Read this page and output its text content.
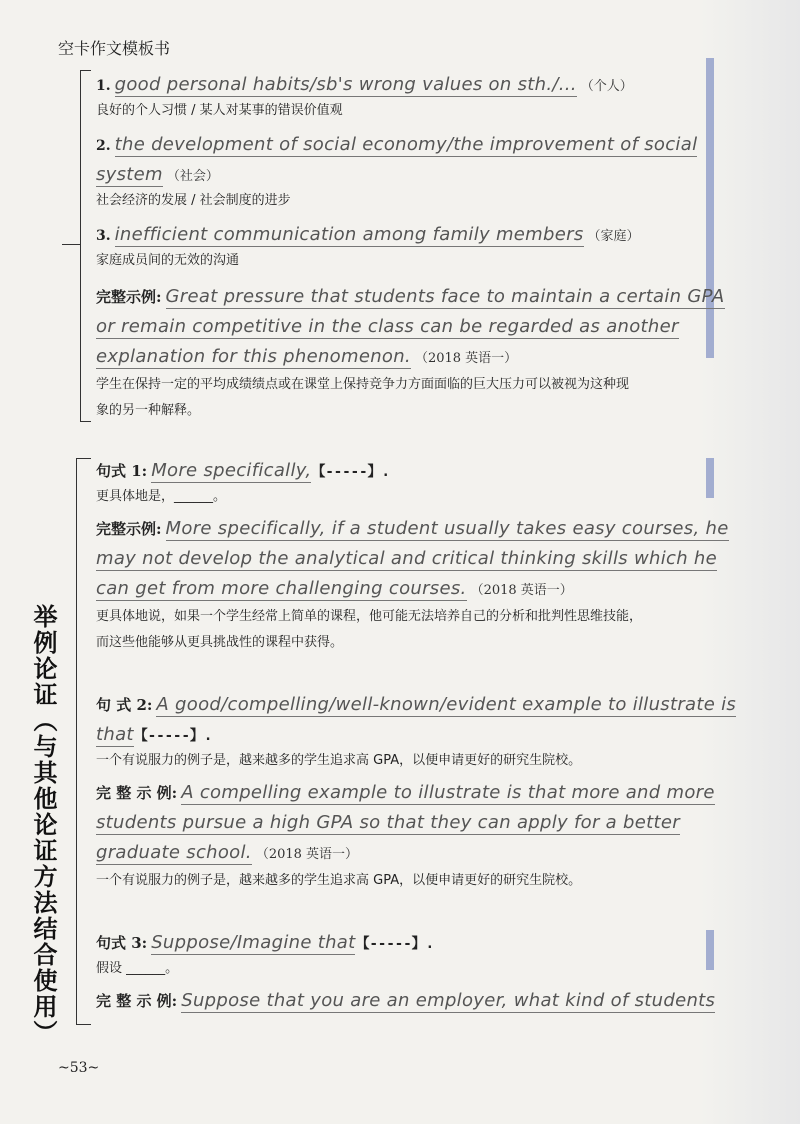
空卡作文模板书
1. good personal habits/sb's wrong values on sth./... （个人）
良好的个人习惯 / 某人对某事的错误价值观
2. the development of social economy/the improvement of social
system （社会）
社会经济的发展 / 社会制度的进步
3. inefficient communication among family members （家庭）
家庭成员间的无效的沟通
完整示例: Great pressure that students face to maintain a certain GPA
or remain competitive in the class can be regarded as another
explanation for this phenomenon. （2018 英语一）
学生在保持一定的平均成绩绩点或在课堂上保持竞争力方面面临的巨大压力可以被视为这种现
象的另一种解释。
举例论证（与其他论证方法结合使用）
句式 1: More specifically,【-----】.
更具体地是，______。
完整示例: More specifically, if a student usually takes easy courses, he
may not develop the analytical and critical thinking skills which he
can get from more challenging courses. （2018 英语一）
更具体地说，如果一个学生经常上简单的课程，他可能无法培养自己的分析和批判性思维技能，
而这些他能够从更具挑战性的课程中获得。
句 式 2: A good/compelling/well-known/evident example to illustrate is
that【-----】.
一个有说服力的例子是，越来越多的学生追求高 GPA，以便申请更好的研究生院校。
完 整 示 例: A compelling example to illustrate is that more and more
students pursue a high GPA so that they can apply for a better
graduate school. （2018 英语一）
一个有说服力的例子是，越来越多的学生追求高 GPA，以便申请更好的研究生院校。
句式 3: Suppose/Imagine that【-----】.
假设 ______。
完 整 示 例: Suppose that you are an employer, what kind of students
~53~
